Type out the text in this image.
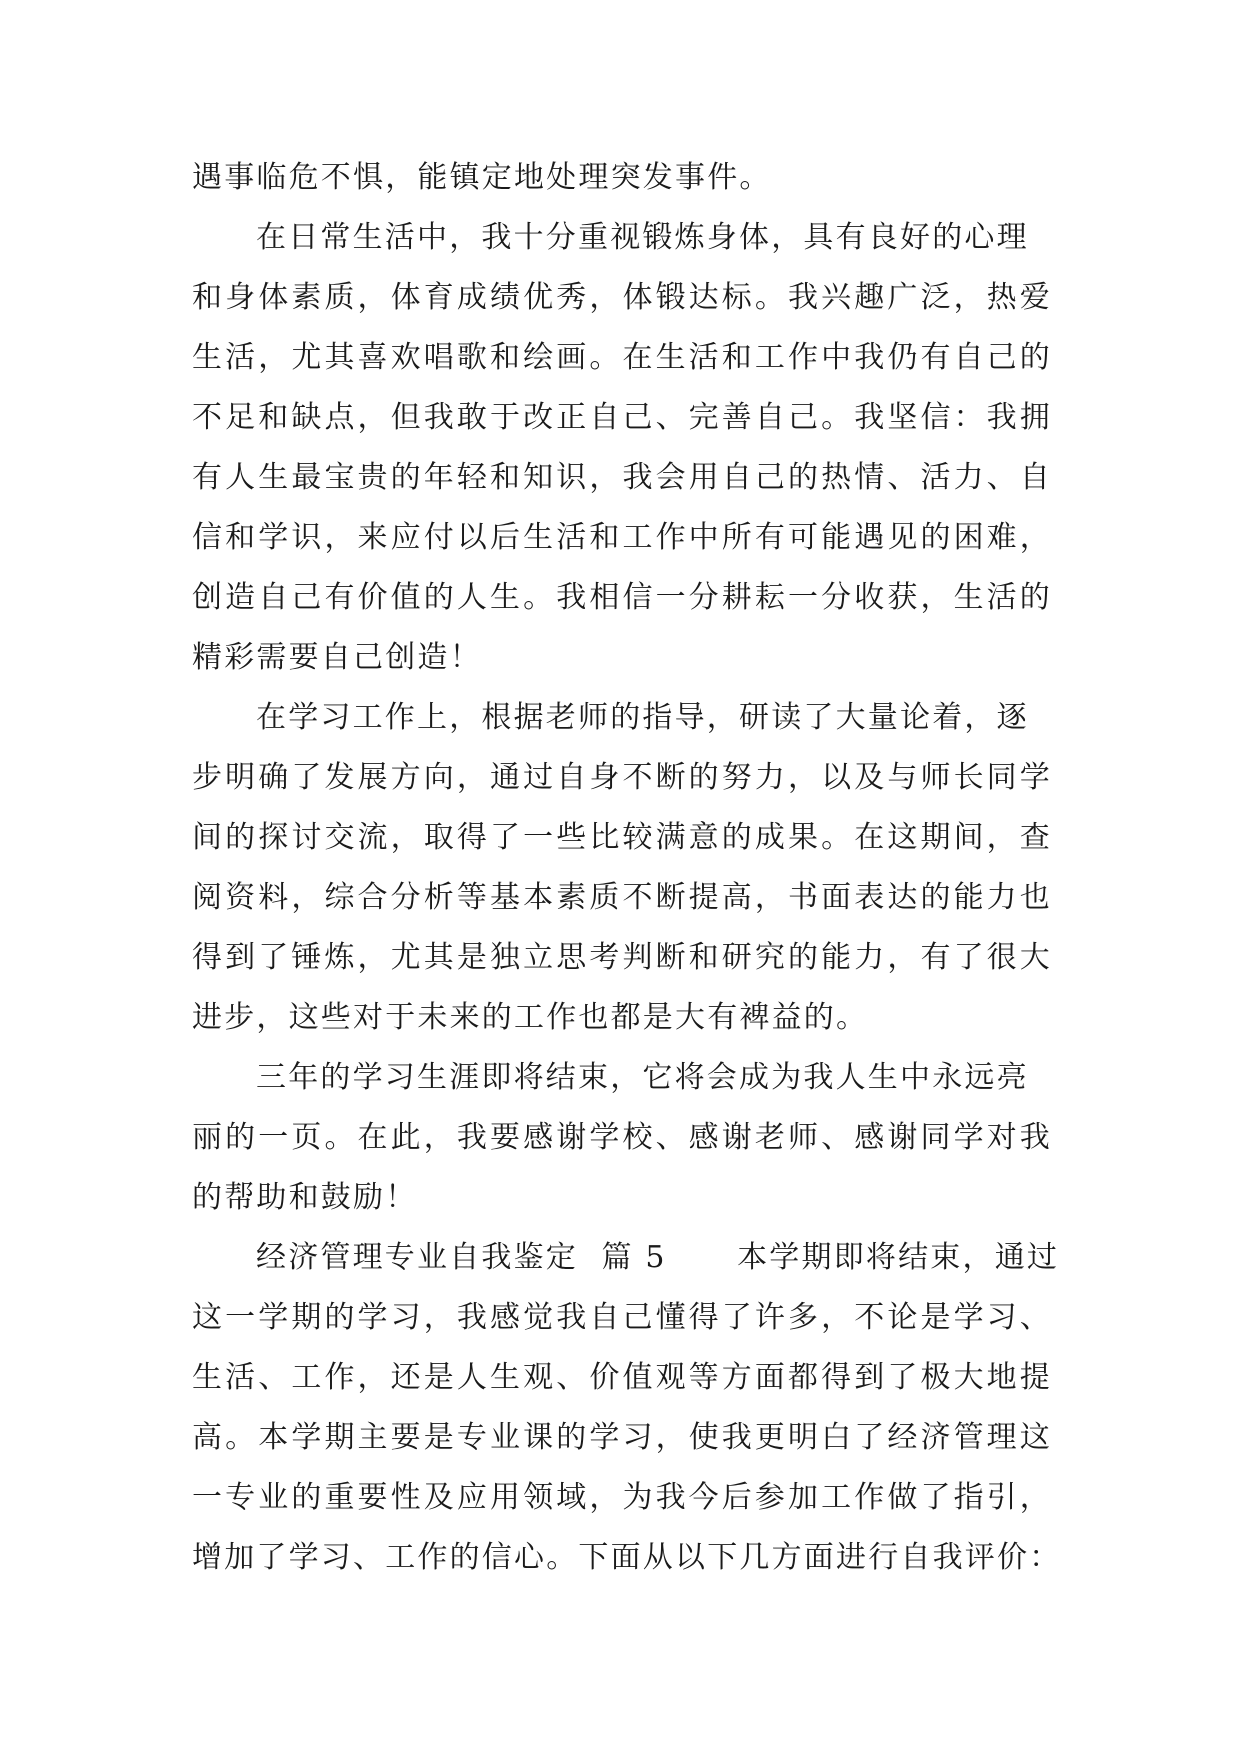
遇事临危不惧，能镇定地处理突发事件。
在日常生活中，我十分重视锻炼身体，具有良好的心理
和身体素质，体育成绩优秀，体锻达标。我兴趣广泛，热爱
生活，尤其喜欢唱歌和绘画。在生活和工作中我仍有自己的
不足和缺点，但我敢于改正自己、完善自己。我坚信：我拥
有人生最宝贵的年轻和知识，我会用自己的热情、活力、自
信和学识，来应付以后生活和工作中所有可能遇见的困难，
创造自己有价值的人生。我相信一分耕耘一分收获，生活的
精彩需要自己创造！
在学习工作上，根据老师的指导，研读了大量论着，逐
步明确了发展方向，通过自身不断的努力，以及与师长同学
间的探讨交流，取得了一些比较满意的成果。在这期间，查
阅资料，综合分析等基本素质不断提高，书面表达的能力也
得到了锤炼，尤其是独立思考判断和研究的能力，有了很大
进步，这些对于未来的工作也都是大有裨益的。
三年的学习生涯即将结束，它将会成为我人生中永远亮
丽的一页。在此，我要感谢学校、感谢老师、感谢同学对我
的帮助和鼓励！
经济管理专业自我鉴定  篇 5      本学期即将结束，通过
这一学期的学习，我感觉我自己懂得了许多，不论是学习、
生活、工作，还是人生观、价值观等方面都得到了极大地提
高。本学期主要是专业课的学习，使我更明白了经济管理这
一专业的重要性及应用领域，为我今后参加工作做了指引，
增加了学习、工作的信心。下面从以下几方面进行自我评价：
